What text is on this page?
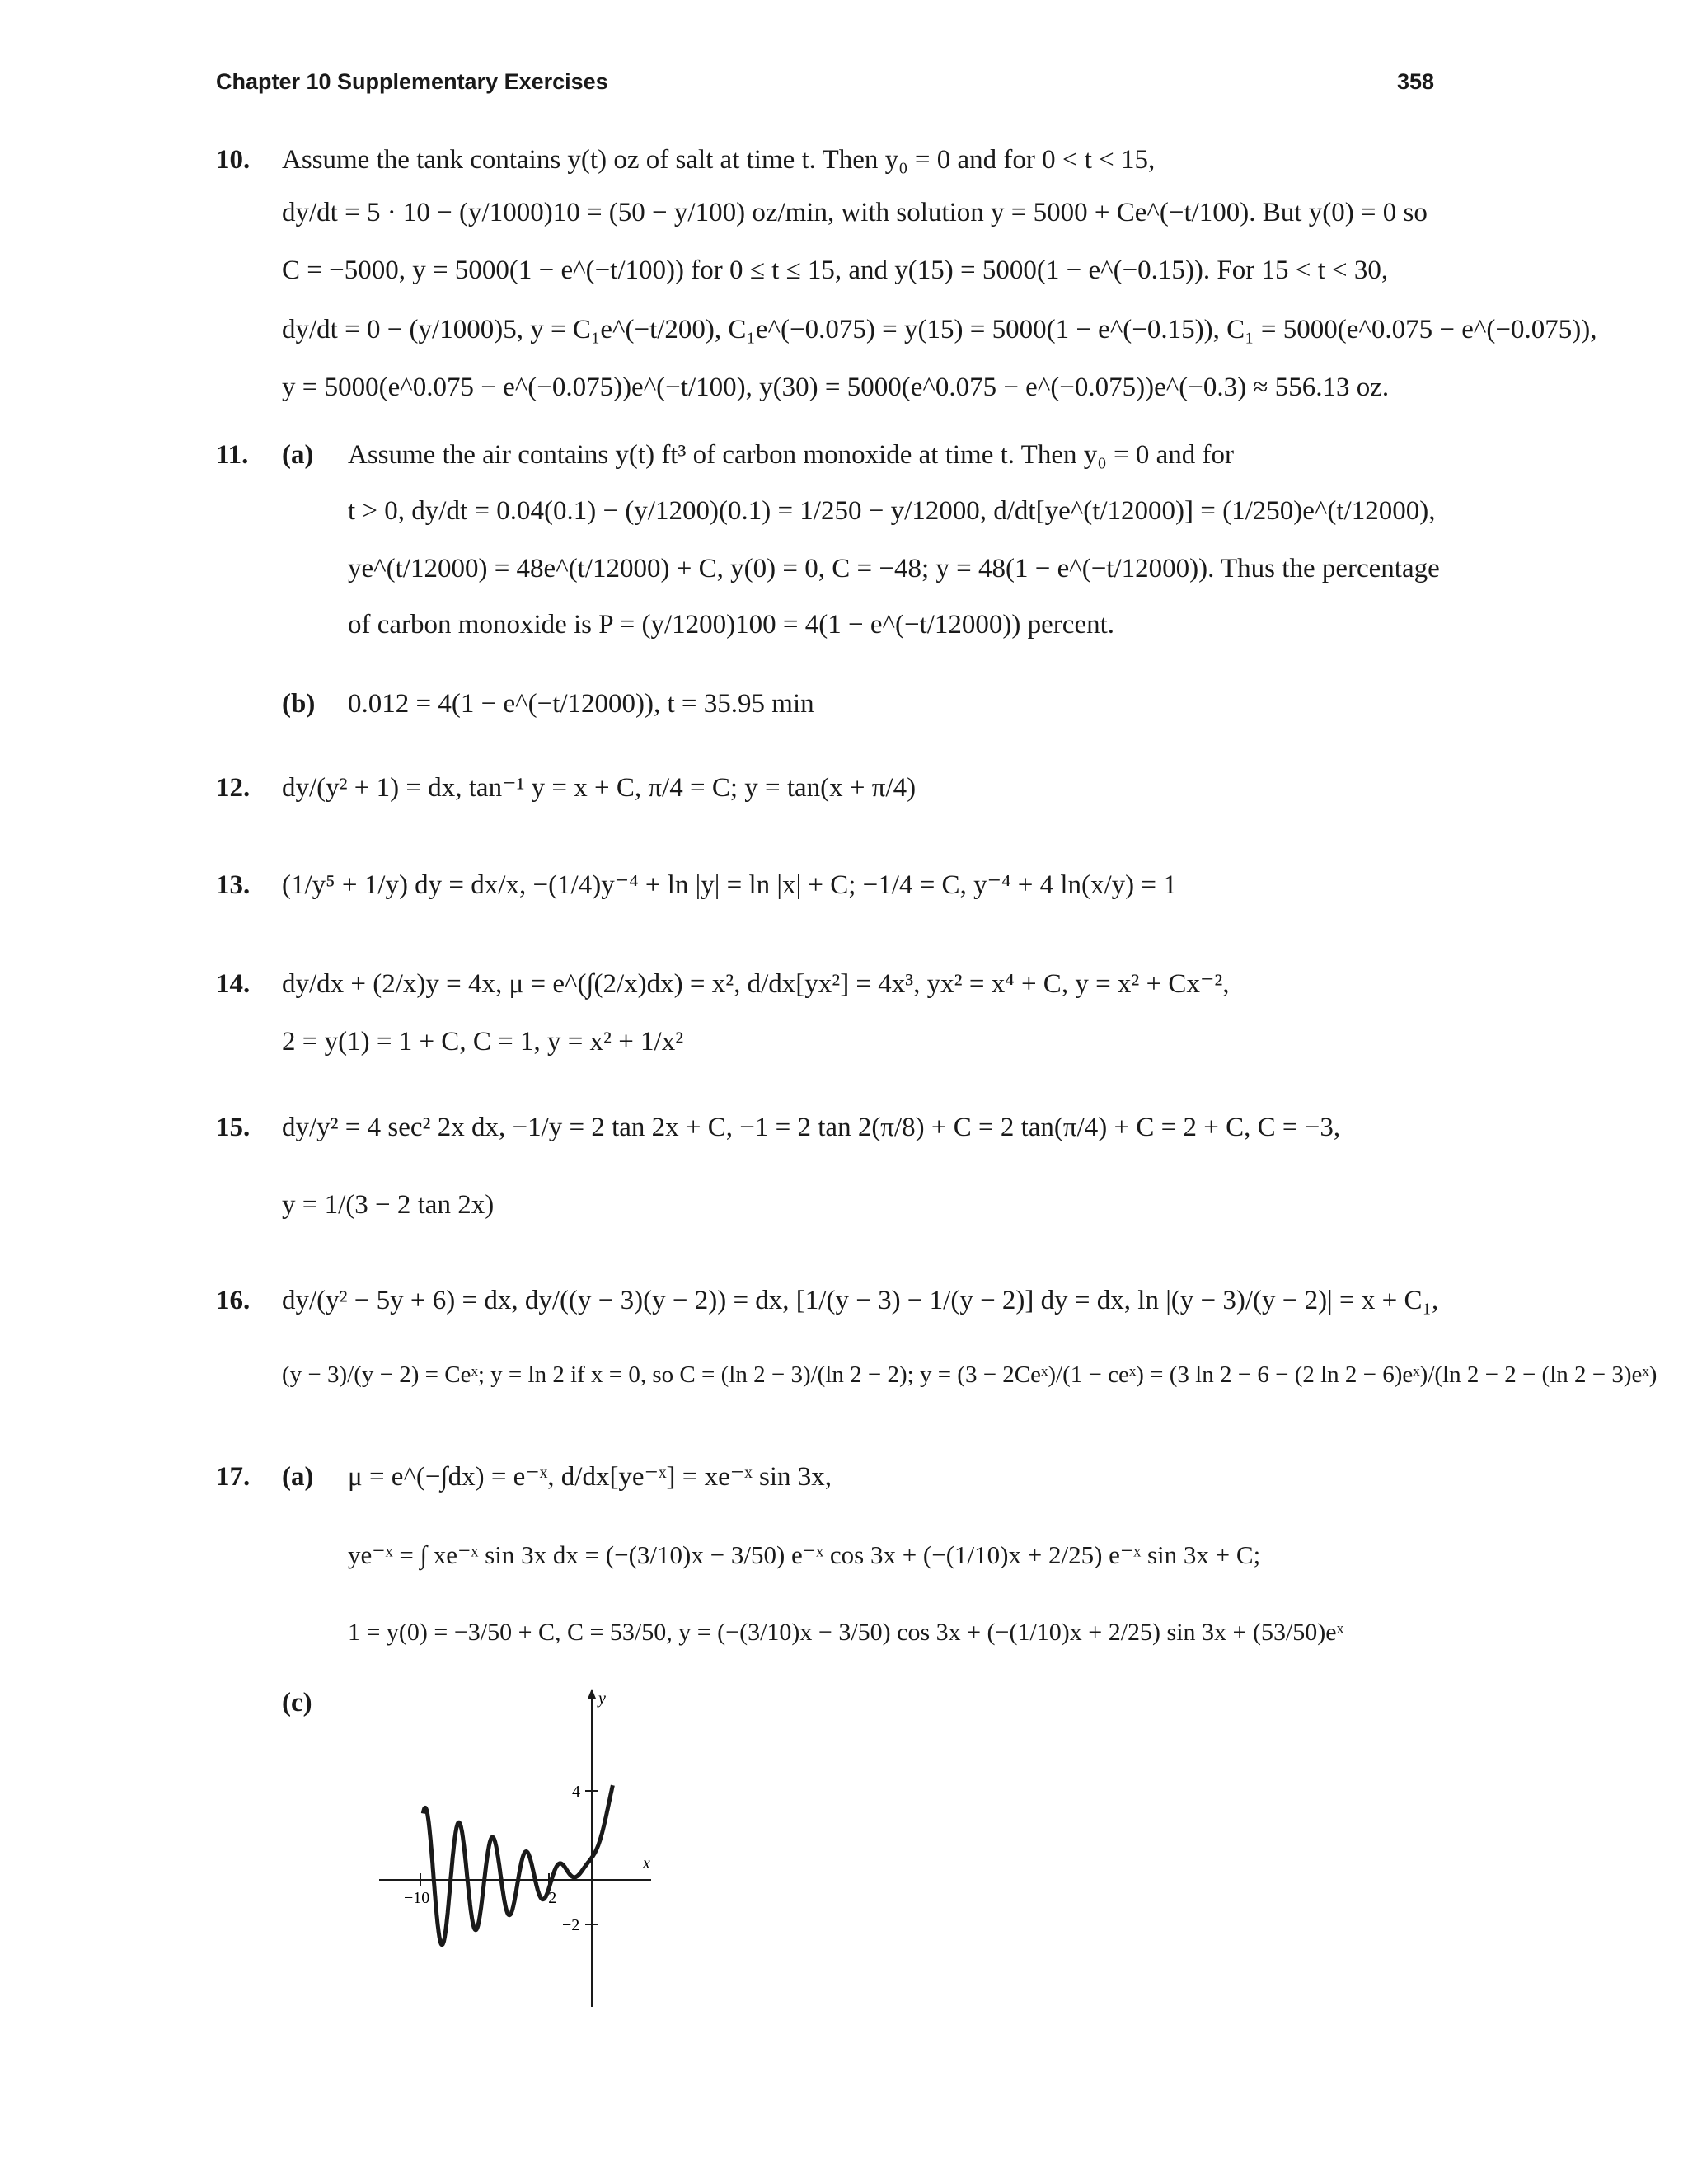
Chapter 10 Supplementary Exercises	358
10. Assume the tank contains y(t) oz of salt at time t. Then y₀ = 0 and for 0 < t < 15,
dy/dt = 5 · 10 − (y/1000)10 = (50 − y/100) oz/min, with solution y = 5000 + Ce^(−t/100). But y(0) = 0 so
C = −5000, y = 5000(1 − e^(−t/100)) for 0 ≤ t ≤ 15, and y(15) = 5000(1 − e^(−0.15)). For 15 < t < 30,
dy/dt = 0 − (y/1000)5, y = C₁e^(−t/200), C₁e^(−0.075) = y(15) = 5000(1 − e^(−0.15)), C₁ = 5000(e^0.075 − e^(−0.075)),
y = 5000(e^0.075 − e^(−0.075))e^(−t/100), y(30) = 5000(e^0.075 − e^(−0.075))e^(−0.3) ≈ 556.13 oz.
11. (a) Assume the air contains y(t) ft³ of carbon monoxide at time t. Then y₀ = 0 and for
t > 0, dy/dt = 0.04(0.1) − (y/1200)(0.1) = 1/250 − y/12000, d/dt[ye^(t/12000)] = (1/250)e^(t/12000),
ye^(t/12000) = 48e^(t/12000) + C, y(0) = 0, C = −48; y = 48(1 − e^(−t/12000)). Thus the percentage
of carbon monoxide is P = (y/1200)100 = 4(1 − e^(−t/12000)) percent.
(b) 0.012 = 4(1 − e^(−t/12000)), t = 35.95 min
12. dy/(y² + 1) = dx, tan⁻¹ y = x + C, π/4 = C; y = tan(x + π/4)
13. (1/y⁵ + 1/y) dy = dx/x, −(1/4)y⁻⁴ + ln |y| = ln |x| + C; −1/4 = C, y⁻⁴ + 4 ln(x/y) = 1
14. dy/dx + (2/x)y = 4x, μ = e^(∫(2/x)dx) = x², d/dx[yx²] = 4x³, yx² = x⁴ + C, y = x² + Cx⁻²,
2 = y(1) = 1 + C, C = 1, y = x² + 1/x²
15. dy/y² = 4 sec² 2x dx, −1/y = 2 tan 2x + C, −1 = 2 tan 2(π/8) + C = 2 tan(π/4) + C = 2 + C, C = −3,
y = 1/(3 − 2 tan 2x)
16. dy/(y² − 5y + 6) = dx, dy/((y − 3)(y − 2)) = dx, [1/(y − 3) − 1/(y − 2)] dy = dx, ln |(y − 3)/(y − 2)| = x + C₁,
(y − 3)/(y − 2) = Ceˣ; y = ln 2 if x = 0, so C = (ln 2 − 3)/(ln 2 − 2); y = (3 − 2Ceˣ)/(1 − ceˣ) = (3 ln 2 − 6 − (2 ln 2 − 6)eˣ)/(ln 2 − 2 − (ln 2 − 3)eˣ)
17. (a) μ = e^(−∫dx) = e⁻ˣ, d/dx[ye⁻ˣ] = xe⁻ˣ sin 3x,
ye⁻ˣ = ∫ xe⁻ˣ sin 3x dx = (−(3/10)x − 3/50) e⁻ˣ cos 3x + (−(1/10)x + 2/25) e⁻ˣ sin 3x + C;
1 = y(0) = −3/50 + C, C = 53/50, y = (−(3/10)x − 3/50) cos 3x + (−(1/10)x + 2/25) sin 3x + (53/50)eˣ
(c)	y
x
4
−2
−10	−2
